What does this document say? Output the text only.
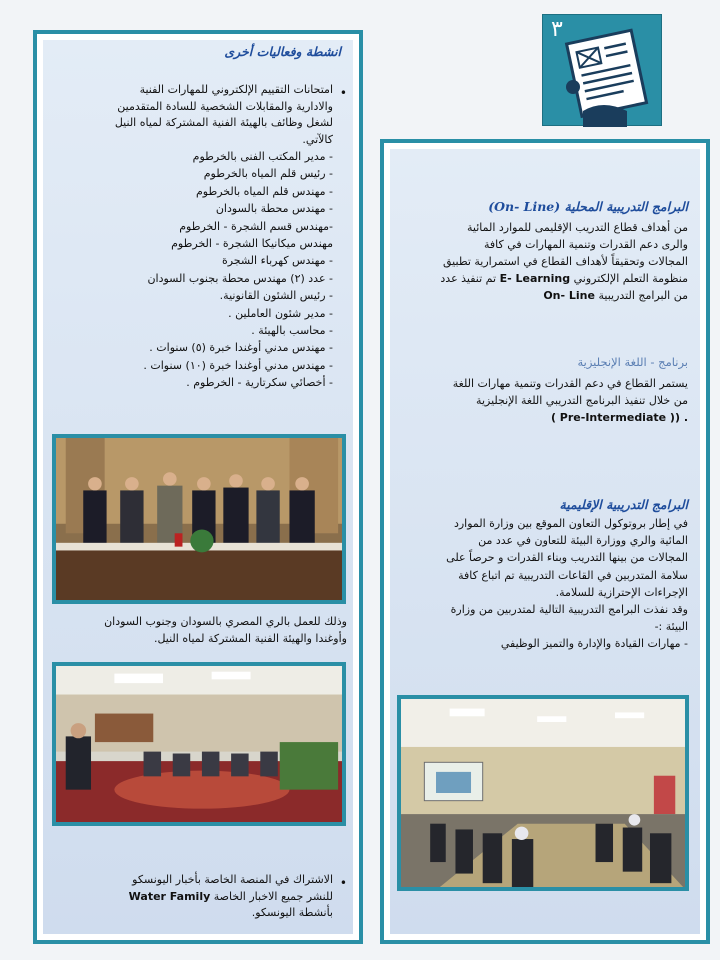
٣
انشطة وفعاليات أخرى
•
امتحانات التقييم الإلكتروني للمهارات الفنية
والادارية والمقابلات الشخصية للسادة المتقدمين
لشغل وظائف بالهيئة الفنية المشتركة لمياه النيل
كالآتي.
- مدير المكتب الفنى بالخرطوم
- رئيس قلم المياه بالخرطوم
- مهندس قلم المياه بالخرطوم
- مهندس محطة بالسودان
-مهندس قسم الشجرة - الخرطوم
مهندس ميكانيكا الشجرة - الخرطوم
- مهندس كهرباء الشجرة
- عدد (٢) مهندس محطة بجنوب السودان
- رئيس الشئون القانونية.
- مدير شئون العاملين .
- محاسب بالهيئة .
- مهندس مدني أوغندا خبرة (٥) سنوات .
- مهندس مدني أوغندا خبرة (١٠) سنوات .
- أخصائي سكرتارية - الخرطوم .
وذلك للعمل بالري المصري بالسودان وجنوب السودان
وأوغندا والهيئة الفنية المشتركة لمياه النيل.
•
الاشتراك في المنصة الخاصة بأخبار اليونسكو
للنشر جميع الاخبار الخاصة Water Family
بأنشطة اليونسكو.
البرامج التدريبية المحلية (On- Line)
من أهداف قطاع التدريب الإقليمى للموارد المائية
والرى دعم القدرات وتنمية المهارات في كافة
المجالات وتحقيقاً لأهداف القطاع في استمرارية تطبيق
منظومة التعلم الإلكتروني E- Learning تم تنفيذ عدد
من البرامج التدريبية On- Line
برنامج - اللغة الإنجليزية
يستمر القطاع في دعم القدرات وتنمية مهارات اللغة
من خلال تنفيذ البرنامج التدريبي اللغة الإنجليزية
( Pre-Intermediate )) .
البرامج التدريبية الإقليمية
في إطار بروتوكول التعاون الموقع بين وزارة الموارد
المائية والري ووزارة البيئة للتعاون في عدد من
المجالات من بينها التدريب وبناء القدرات و حرصاً على
سلامة المتدربين في القاعات التدريبية تم اتباع كافة
الإجراءات الإحترازية للسلامة.
وقد نفذت البرامج التدريبية التالية لمتدربين من وزارة
البيئة :-
- مهارات القيادة والإدارة والتميز الوظيفي
